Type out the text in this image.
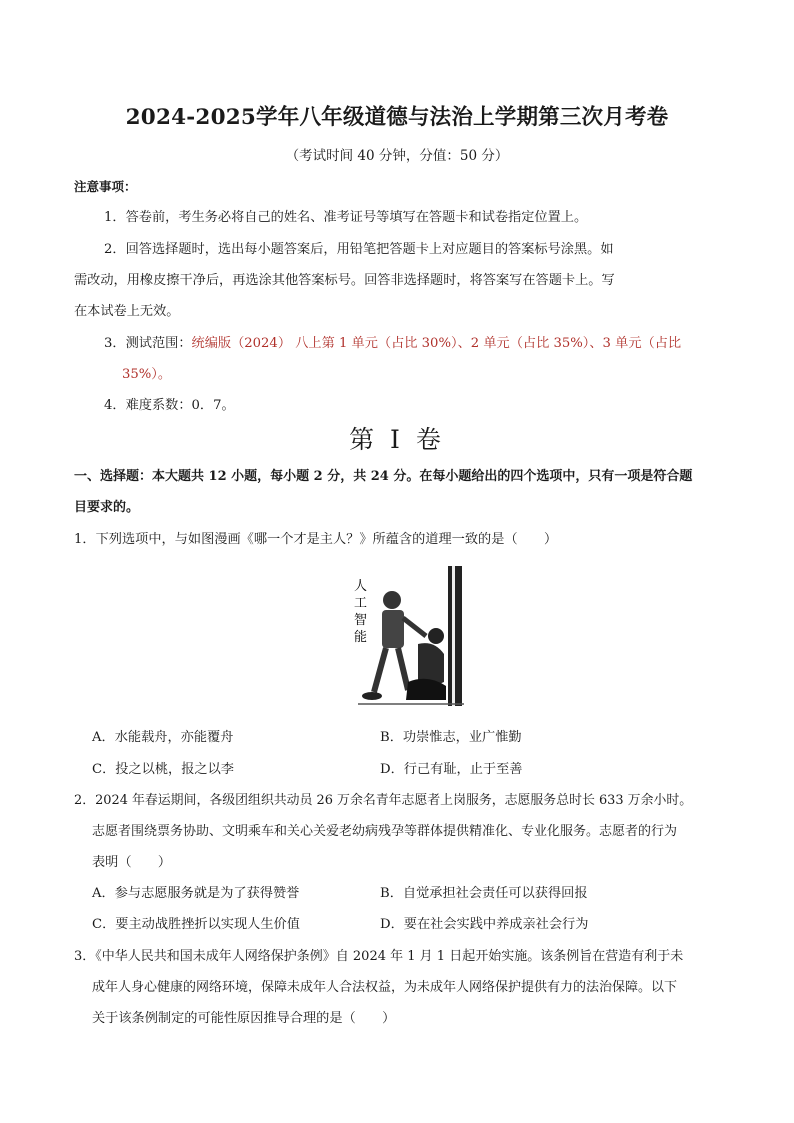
2024-2025学年八年级道德与法治上学期第三次月考卷
（考试时间 40 分钟，分值：50 分）
注意事项：
1．答卷前，考生务必将自己的姓名、准考证号等填写在答题卡和试卷指定位置上。
2．回答选择题时，选出每小题答案后，用铅笔把答题卡上对应题目的答案标号涂黑。如
需改动，用橡皮擦干净后，再选涂其他答案标号。回答非选择题时，将答案写在答题卡上。写
在本试卷上无效。
3．测试范围：统编版（2024） 八上第 1 单元（占比 30%）、2 单元（占比 35%）、3 单元（占比
35%）。
4．难度系数：0．7。
第 I 卷
一、选择题：本大题共 12 小题，每小题 2 分，共 24 分。在每小题给出的四个选项中，只有一项是符合题
目要求的。
1．下列选项中，与如图漫画《哪一个才是主人？》所蕴含的道理一致的是（　　）
人
工
智
能
A．水能载舟，亦能覆舟	B．功崇惟志，业广惟勤
C．投之以桃，报之以李	D．行己有耻，止于至善
2．2024 年春运期间，各级团组织共动员 26 万余名青年志愿者上岗服务，志愿服务总时长 633 万余小时。
志愿者围绕票务协助、文明乘车和关心关爱老幼病残孕等群体提供精准化、专业化服务。志愿者的行为
表明（　　）
A．参与志愿服务就是为了获得赞誉	B．自觉承担社会责任可以获得回报
C．要主动战胜挫折以实现人生价值	D．要在社会实践中养成亲社会行为
3．《中华人民共和国未成年人网络保护条例》自 2024 年 1 月 1 日起开始实施。该条例旨在营造有利于未
成年人身心健康的网络环境，保障未成年人合法权益，为未成年人网络保护提供有力的法治保障。以下
关于该条例制定的可能性原因推导合理的是（　　）
